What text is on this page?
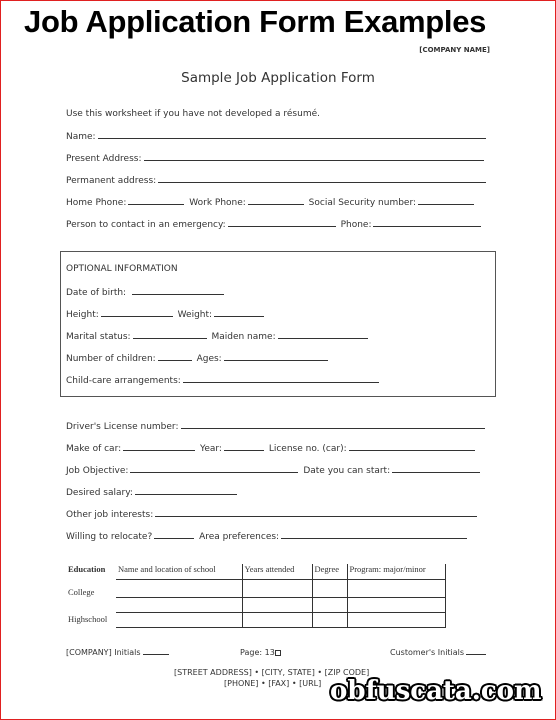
Job Application Form Examples
[COMPANY NAME]
Sample Job Application Form
Use this worksheet if you have not developed a résumé.
Name:
Present Address:
Permanent address:
Home Phone:	Work Phone:	Social Security number:
Person to contact in an emergency:	Phone:
OPTIONAL INFORMATION
Date of birth:
Height:	Weight:
Marital status:	Maiden name:
Number of children:	Ages:
Child-care arrangements:
Driver's License number:
Make of car:	Year:	License no. (car):
Job Objective:	Date you can start:
Desired salary:
Other job interests:
Willing to relocate?	Area preferences:
Education	Name and location of school	Years attended	Degree	Program: major/minor
College				

Highschool				
[COMPANY] Initials	Page: 13	Customer's Initials
[STREET ADDRESS] • [CITY, STATE] • [ZIP CODE]
[PHONE] • [FAX] • [URL] obfuscata.com
